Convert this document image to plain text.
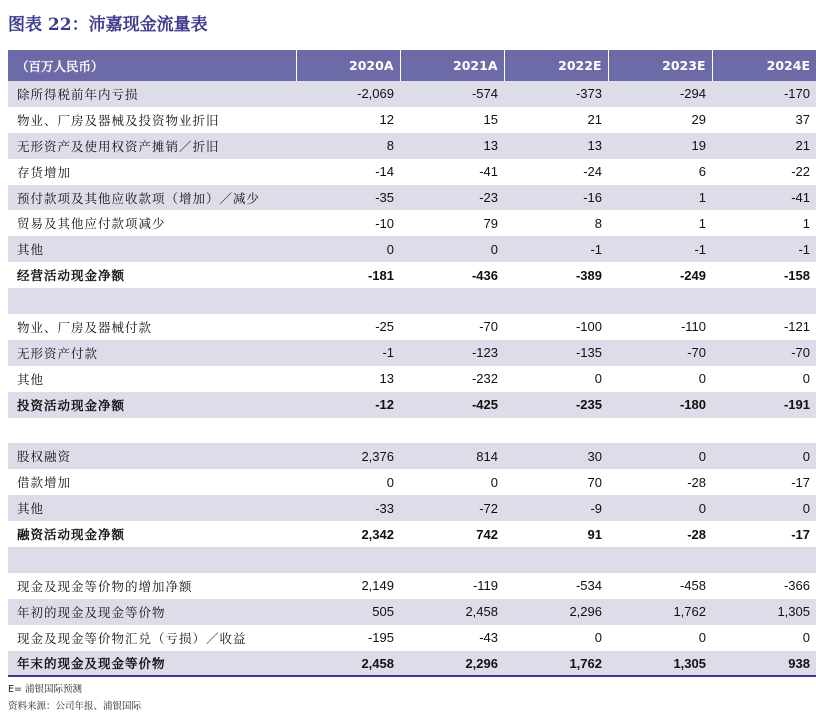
图表 22：沛嘉现金流量表
（百万人民币）	2020A	2021A	2022E	2023E	2024E
除所得税前年内亏损	-2,069	-574	-373	-294	-170
物业、厂房及器械及投资物业折旧	12	15	21	29	37
无形资产及使用权资产摊销／折旧	8	13	13	19	21
存货增加	-14	-41	-24	6	-22
预付款项及其他应收款项（增加）／减少	-35	-23	-16	1	-41
贸易及其他应付款项减少	-10	79	8	1	1
其他	0	0	-1	-1	-1
经营活动现金净额	-181	-436	-389	-249	-158

物业、厂房及器械付款	-25	-70	-100	-110	-121
无形资产付款	-1	-123	-135	-70	-70
其他	13	-232	0	0	0
投资活动现金净额	-12	-425	-235	-180	-191

股权融资	2,376	814	30	0	0
借款增加	0	0	70	-28	-17
其他	-33	-72	-9	0	0
融资活动现金净额	2,342	742	91	-28	-17

现金及现金等价物的增加净额	2,149	-119	-534	-458	-366
年初的现金及现金等价物	505	2,458	2,296	1,762	1,305
现金及现金等价物汇兑（亏损）／收益	-195	-43	0	0	0
年末的现金及现金等价物	2,458	2,296	1,762	1,305	938
E= 浦银国际预测
资料来源：公司年报、浦银国际
